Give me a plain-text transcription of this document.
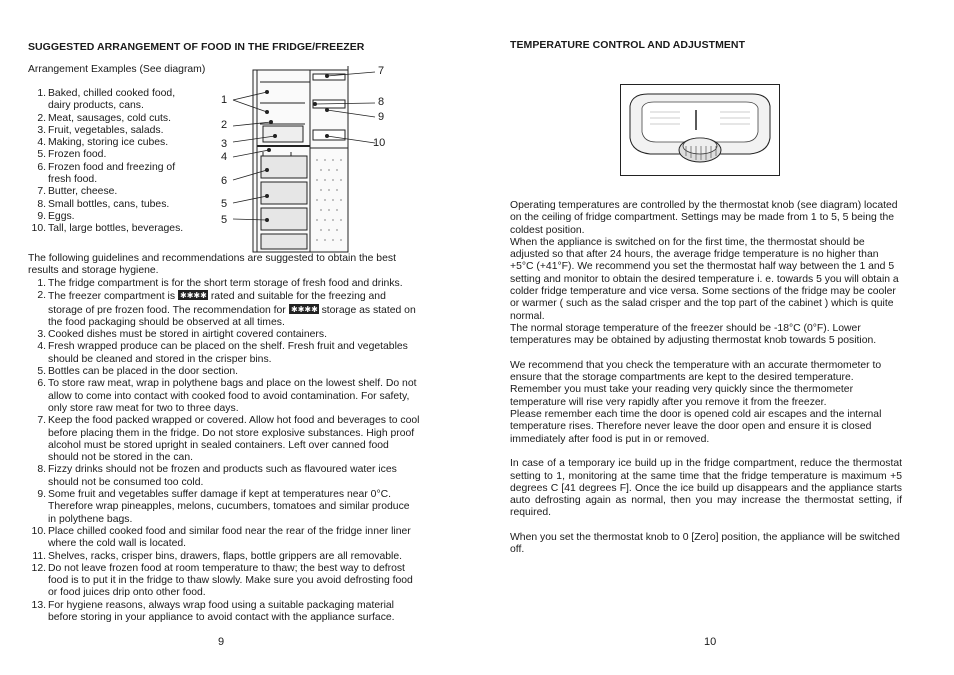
SUGGESTED ARRANGEMENT OF FOOD IN THE FRIDGE/FREEZER
Arrangement Examples (See diagram)
1. Baked, chilled cooked food, dairy products, cans.
2. Meat, sausages, cold cuts.
3. Fruit, vegetables, salads.
4. Making, storing ice cubes.
5. Frozen food.
6. Frozen food and freezing of fresh food.
7. Butter, cheese.
8. Small bottles, cans, tubes.
9. Eggs.
10. Tall, large bottles, beverages.
1
2
3
4
6
5
5
7
8
9
10
The following guidelines and recommendations are suggested to obtain the best results and storage hygiene.
1. The fridge compartment is for the short term storage of fresh food and drinks.
2. The freezer compartment is ✱✱✱✱ rated and suitable for the freezing and storage of pre frozen food. The recommendation for ✱✱✱✱ storage as stated on the food packaging should be observed at all times.
3. Cooked dishes must be stored in airtight covered containers.
4. Fresh wrapped produce can be placed on the shelf. Fresh fruit and vegetables should be cleaned and stored in the crisper bins.
5. Bottles can be placed in the door section.
6. To store raw meat, wrap in polythene bags and place on the lowest shelf. Do not allow to come into contact with cooked food to avoid contamination. For safety, only store raw meat for two to three days.
7. Keep the food packed wrapped or covered. Allow hot food and beverages to cool before placing them in the fridge. Do not store explosive substances. High proof alcohol must be stored upright in sealed containers. Left over canned food should not be stored in the can.
8. Fizzy drinks should not be frozen and products such as flavoured water ices should not be consumed too cold.
9. Some fruit and vegetables suffer damage if kept at temperatures near 0°C. Therefore wrap pineapples, melons, cucumbers, tomatoes and similar produce in polythene bags.
10. Place chilled cooked food and similar food near the rear of the fridge inner liner where the cold wall is located.
11. Shelves, racks, crisper bins, drawers, flaps, bottle grippers are all removable.
12. Do not leave frozen food at room temperature to thaw; the best way to defrost food is to put it in the fridge to thaw slowly. Make sure you avoid defrosting food or food juices drip onto other food.
13. For hygiene reasons, always wrap food using a suitable packaging material before storing in your appliance to avoid contact with the appliance surface.
9
TEMPERATURE CONTROL AND ADJUSTMENT

Operating temperatures are controlled by the thermostat knob (see diagram) located on the ceiling of fridge compartment. Settings may be made from 1 to 5, 5 being the coldest position.

When the appliance is switched on for the first time, the thermostat should be adjusted so that after 24 hours, the average fridge temperature is no higher than +5°C (+41°F). We recommend you set the thermostat half way between the 1 and 5 setting and monitor to obtain the desired temperature i. e. towards 5 you will obtain a colder fridge temperature and vice versa. Some sections of the fridge may be cooler or warmer ( such as the salad crisper and the top part of the cabinet ) which is quite normal.

The normal storage temperature of the freezer should be -18°C (0°F). Lower temperatures may be obtained by adjusting thermostat knob towards 5 position.

We recommend that you check the temperature with an accurate thermometer to ensure that the storage compartments are kept to the desired temperature. Remember you must take your reading very quickly since the thermometer temperature will rise very rapidly after you remove it from the freezer.

Please remember each time the door is opened cold air escapes and the internal temperature rises. Therefore never leave the door open and ensure it is closed immediately after food is put in or removed.

In case of a temporary ice build up in the fridge compartment, reduce the thermostat setting to 1, monitoring at the same time that the fridge temperature is maximum +5 degrees C [41 degrees F]. Once the ice build up disappears and the appliance starts auto defrosting again as normal, then you may increase the thermostat setting, if required.

When you set the thermostat knob to 0 [Zero] position, the appliance will be switched off.

10
